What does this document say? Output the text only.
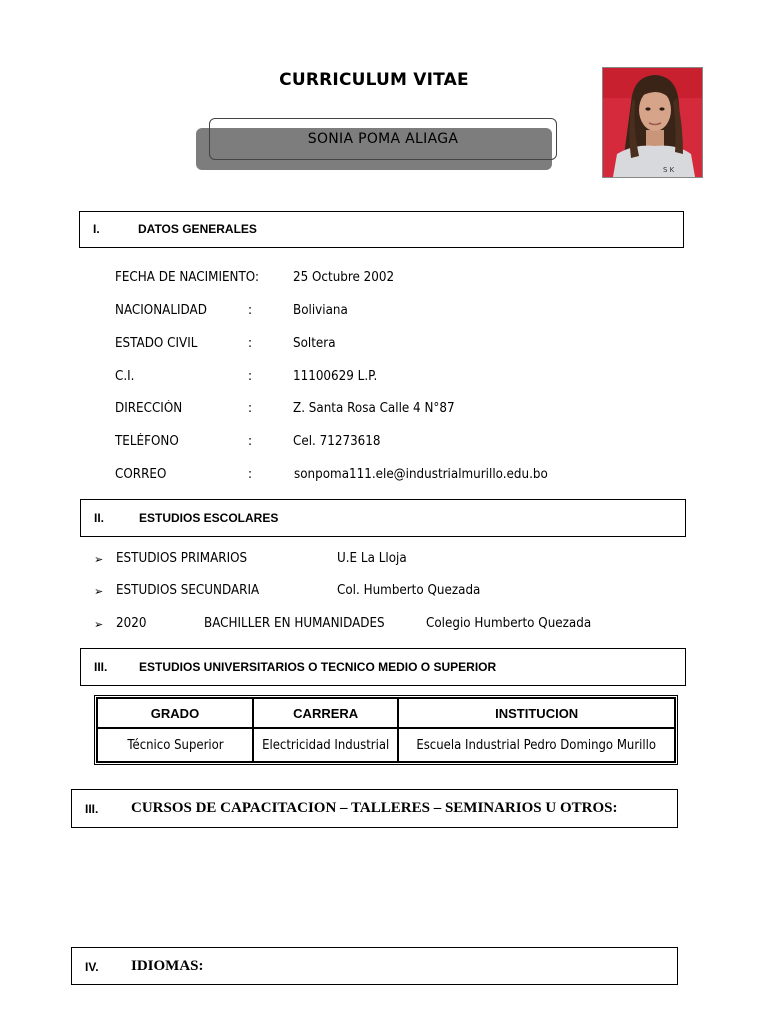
CURRICULUM VITAE
SONIA POMA ALIAGA
S K
I.	DATOS GENERALES
FECHA DE NACIMIENTO:	25 Octubre 2002
NACIONALIDAD	:	Boliviana
ESTADO CIVIL	:	Soltera
C.I.	:	11100629 L.P.
DIRECCIÓN	:	Z. Santa Rosa Calle 4 N°87
TELÉFONO	:	Cel. 71273618
CORREO	:	sonpoma111.ele@industrialmurillo.edu.bo
II.	ESTUDIOS ESCOLARES
➢ ESTUDIOS PRIMARIOS	U.E La Lloja
➢ ESTUDIOS SECUNDARIA	Col. Humberto Quezada
➢ 2020	BACHILLER EN HUMANIDADES	Colegio Humberto Quezada
III.	ESTUDIOS UNIVERSITARIOS O TECNICO MEDIO O SUPERIOR
GRADO	CARRERA	INSTITUCION
Técnico Superior	Electricidad Industrial	Escuela Industrial Pedro Domingo Murillo
III. CURSOS DE CAPACITACION – TALLERES – SEMINARIOS U OTROS:
IV. IDIOMAS:
